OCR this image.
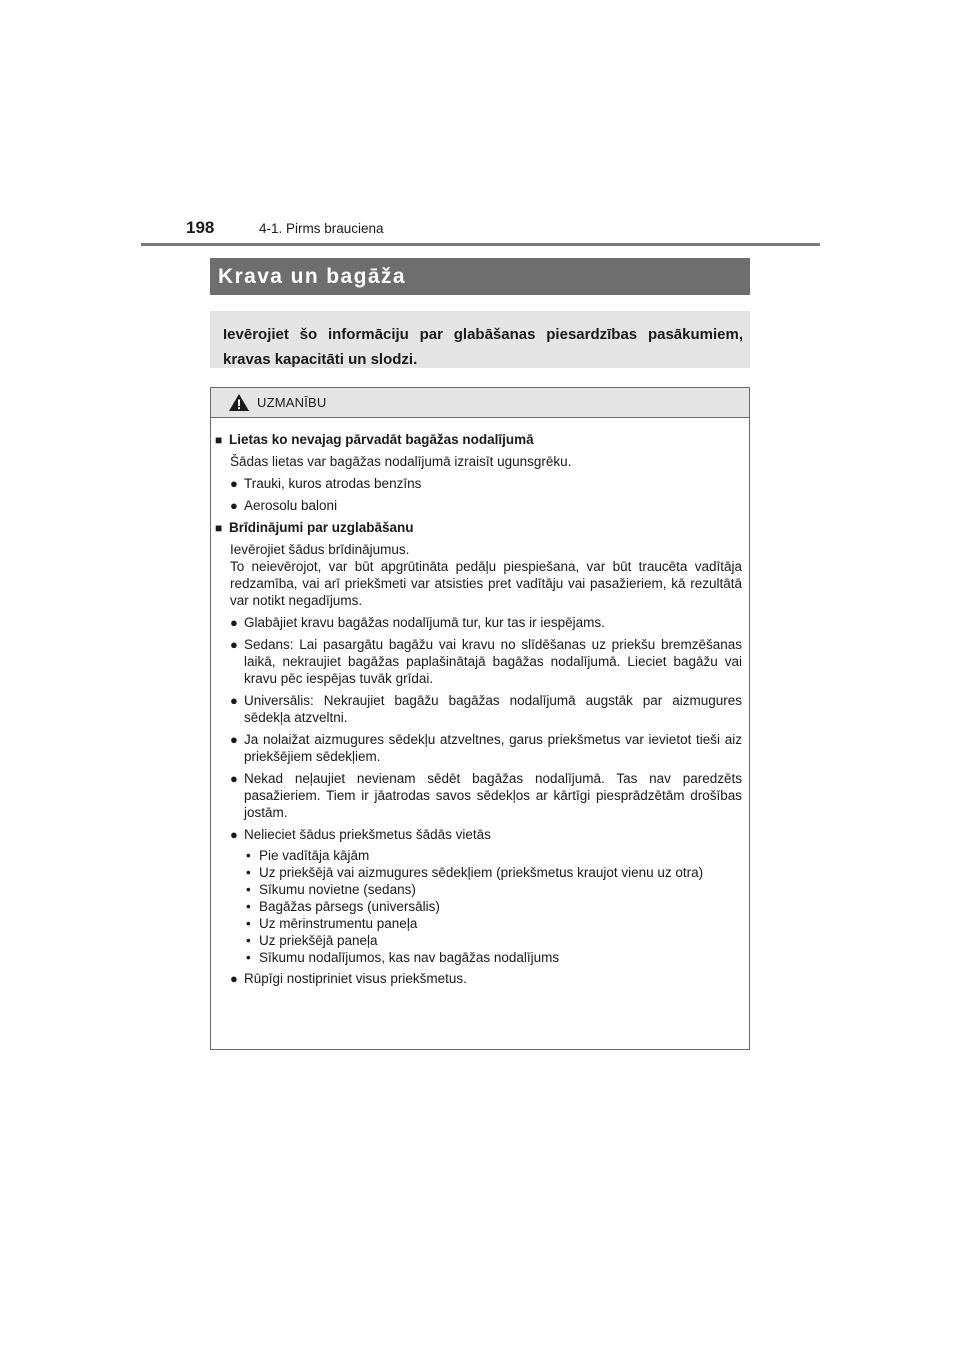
198	4-1. Pirms brauciena
Krava un bagāža
Ievērojiet šo informāciju par glabāšanas piesardzības pasākumiem, kravas kapacitāti un slodzi.
UZMANĪBU
■ Lietas ko nevajag pārvadāt bagāžas nodalījumā
Šādas lietas var bagāžas nodalījumā izraisīt ugunsgrēku.
● Trauki, kuros atrodas benzīns
● Aerosolu baloni
■ Brīdinājumi par uzglabāšanu
Ievērojiet šādus brīdinājumus.
To neievērojot, var būt apgrūtināta pedāļu piespiešana, var būt traucēta vadītāja redzamība, vai arī priekšmeti var atsisties pret vadītāju vai pasažieriem, kā rezultātā var notikt negadījums.
● Glabājiet kravu bagāžas nodalījumā tur, kur tas ir iespējams.
● Sedans: Lai pasargātu bagāžu vai kravu no slīdēšanas uz priekšu bremzēšanas laikā, nekraujiet bagāžas paplašinātajā bagāžas nodalījumā. Lieciet bagāžu vai kravu pēc iespējas tuvāk grīdai.
● Universālis: Nekraujiet bagāžu bagāžas nodalījumā augstāk par aizmugures sēdekļa atzveltni.
● Ja nolaižat aizmugures sēdekļu atzveltnes, garus priekšmetus var ievietot tieši aiz priekšējiem sēdekļiem.
● Nekad neļaujiet nevienam sēdēt bagāžas nodalījumā. Tas nav paredzēts pasažieriem. Tiem ir jāatrodas savos sēdekļos ar kārtīgi piesprādzētām drošības jostām.
● Nelieciet šādus priekšmetus šādās vietās
• Pie vadītāja kājām
• Uz priekšējā vai aizmugures sēdekļiem (priekšmetus kraujot vienu uz otra)
• Sīkumu novietne (sedans)
• Bagāžas pārsegs (universālis)
• Uz mērinstrumentu paneļa
• Uz priekšējā paneļa
• Sīkumu nodalījumos, kas nav bagāžas nodalījums
● Rūpīgi nostipriniet visus priekšmetus.
